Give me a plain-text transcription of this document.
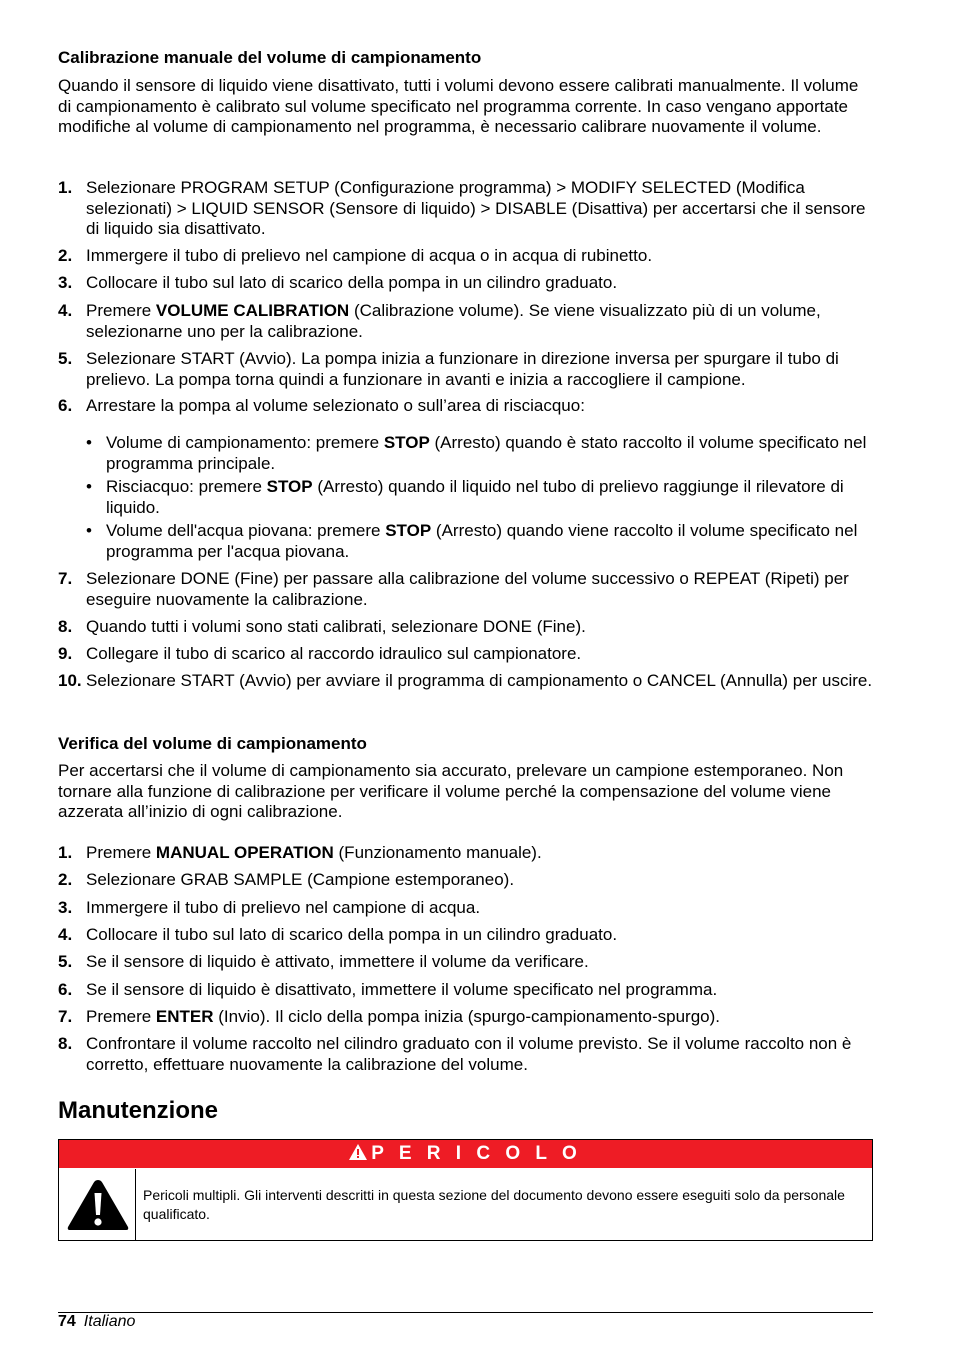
Calibrazione manuale del volume di campionamento

Quando il sensore di liquido viene disattivato, tutti i volumi devono essere calibrati manualmente. Il volume di campionamento è calibrato sul volume specificato nel programma corrente. In caso vengano apportate modifiche al volume di campionamento nel programma, è necessario calibrare nuovamente il volume.

1. Selezionare PROGRAM SETUP (Configurazione programma) > MODIFY SELECTED (Modifica selezionati) > LIQUID SENSOR (Sensore di liquido) > DISABLE (Disattiva) per accertarsi che il sensore di liquido sia disattivato.
2. Immergere il tubo di prelievo nel campione di acqua o in acqua di rubinetto.
3. Collocare il tubo sul lato di scarico della pompa in un cilindro graduato.
4. Premere VOLUME CALIBRATION (Calibrazione volume). Se viene visualizzato più di un volume, selezionarne uno per la calibrazione.
5. Selezionare START (Avvio). La pompa inizia a funzionare in direzione inversa per spurgare il tubo di prelievo. La pompa torna quindi a funzionare in avanti e inizia a raccogliere il campione.
6. Arrestare la pompa al volume selezionato o sull’area di risciacquo:
• Volume di campionamento: premere STOP (Arresto) quando è stato raccolto il volume specificato nel programma principale.
• Risciacquo: premere STOP (Arresto) quando il liquido nel tubo di prelievo raggiunge il rilevatore di liquido.
• Volume dell'acqua piovana: premere STOP (Arresto) quando viene raccolto il volume specificato nel programma per l'acqua piovana.
7. Selezionare DONE (Fine) per passare alla calibrazione del volume successivo o REPEAT (Ripeti) per eseguire nuovamente la calibrazione.
8. Quando tutti i volumi sono stati calibrati, selezionare DONE (Fine).
9. Collegare il tubo di scarico al raccordo idraulico sul campionatore.
10. Selezionare START (Avvio) per avviare il programma di campionamento o CANCEL (Annulla) per uscire.
Verifica del volume di campionamento

Per accertarsi che il volume di campionamento sia accurato, prelevare un campione estemporaneo. Non tornare alla funzione di calibrazione per verificare il volume perché la compensazione del volume viene azzerata all’inizio di ogni calibrazione.

1. Premere MANUAL OPERATION (Funzionamento manuale).
2. Selezionare GRAB SAMPLE (Campione estemporaneo).
3. Immergere il tubo di prelievo nel campione di acqua.
4. Collocare il tubo sul lato di scarico della pompa in un cilindro graduato.
5. Se il sensore di liquido è attivato, immettere il volume da verificare.
6. Se il sensore di liquido è disattivato, immettere il volume specificato nel programma.
7. Premere ENTER (Invio). Il ciclo della pompa inizia (spurgo-campionamento-spurgo).
8. Confrontare il volume raccolto nel cilindro graduato con il volume previsto. Se il volume raccolto non è corretto, effettuare nuovamente la calibrazione del volume.
Manutenzione
P E R I C O L O
Pericoli multipli. Gli interventi descritti in questa sezione del documento devono essere eseguiti solo da personale qualificato.
74 Italiano
